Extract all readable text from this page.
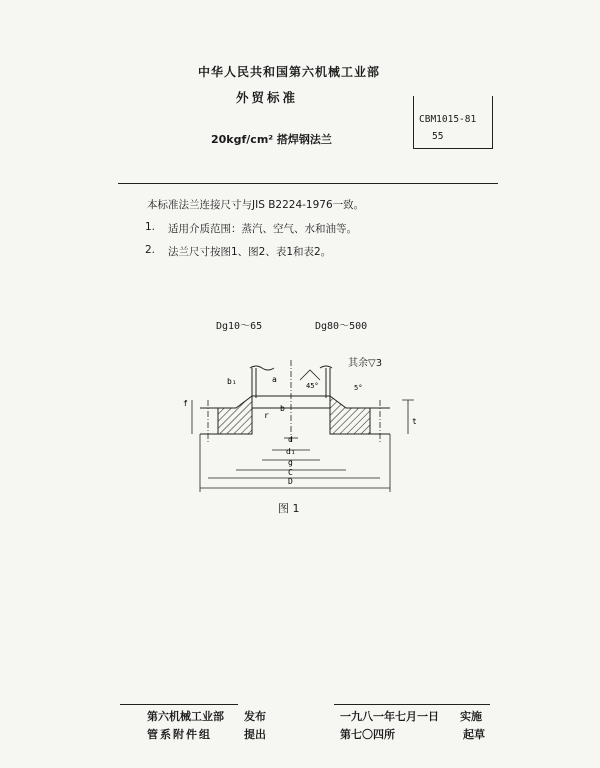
中华人民共和国第六机械工业部
外贸标准
20kgf/cm² 搭焊钢法兰
CBM1015-81
55
本标准法兰连接尺寸与JIS B2224-1976一致。
1. 适用介质范围：蒸汽、空气、水和油等。
2. 法兰尺寸按图1、图2、表1和表2。
Dg10～65	Dg80～500
其余▽3
a
b₁
b
45°	5°
f
t
r
d
d₁
g
C
D
图 1
第六机械工业部 发布	一九八一年七月一日 实施
管系附件组	提出	第七〇四所	起草
